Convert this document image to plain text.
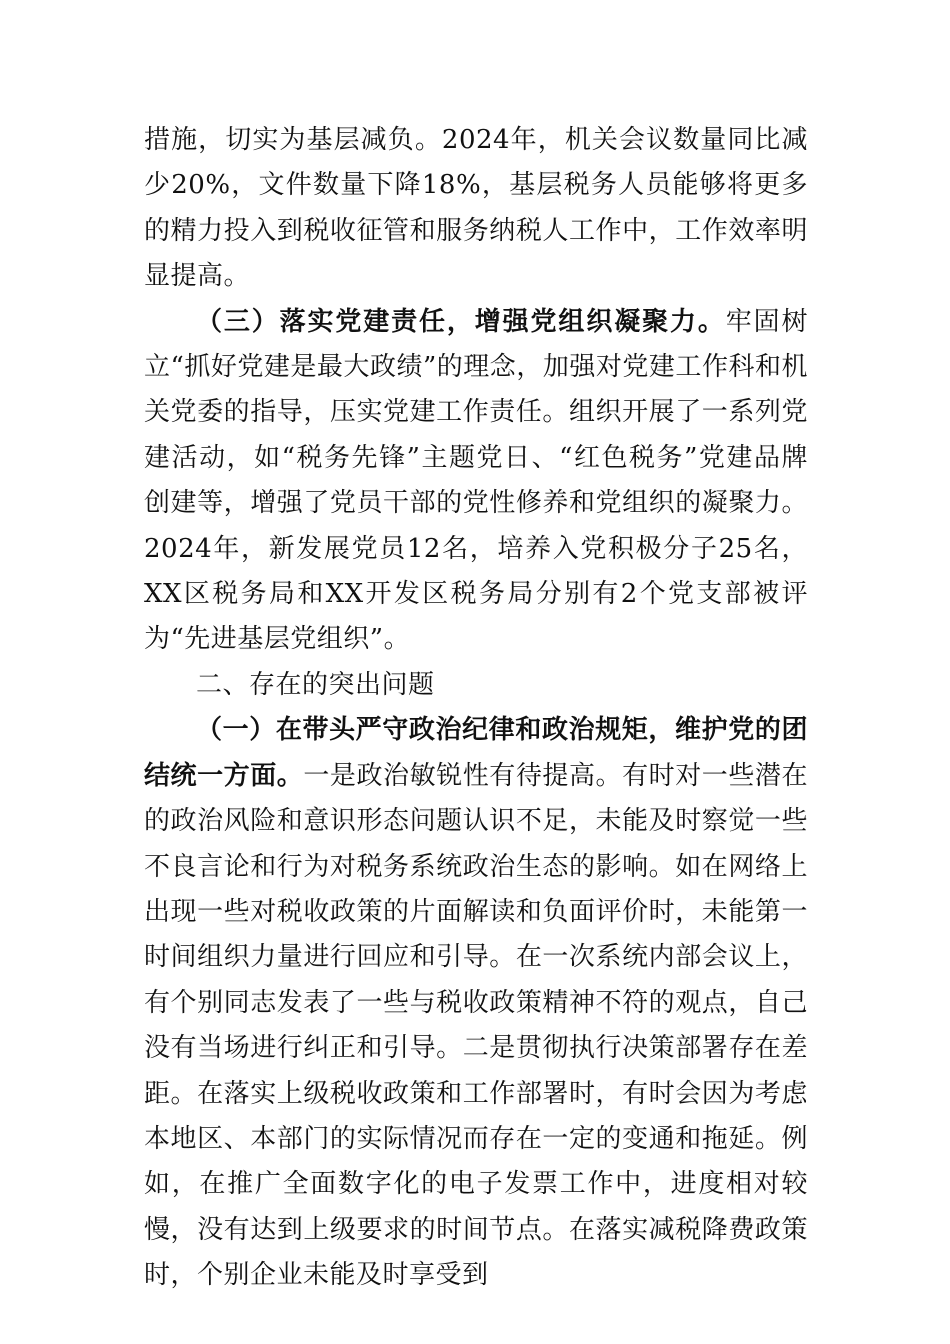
措施，切实为基层减负。2024年，机关会议数量同比减少20%，文件数量下降18%，基层税务人员能够将更多的精力投入到税收征管和服务纳税人工作中，工作效率明显提高。

（三）落实党建责任，增强党组织凝聚力。牢固树立“抓好党建是最大政绩”的理念，加强对党建工作科和机关党委的指导，压实党建工作责任。组织开展了一系列党建活动，如“税务先锋”主题党日、“红色税务”党建品牌创建等，增强了党员干部的党性修养和党组织的凝聚力。2024年，新发展党员12名，培养入党积极分子25名，XX区税务局和XX开发区税务局分别有2个党支部被评为“先进基层党组织”。

二、存在的突出问题

（一）在带头严守政治纪律和政治规矩，维护党的团结统一方面。一是政治敏锐性有待提高。有时对一些潜在的政治风险和意识形态问题认识不足，未能及时察觉一些不良言论和行为对税务系统政治生态的影响。如在网络上出现一些对税收政策的片面解读和负面评价时，未能第一时间组织力量进行回应和引导。在一次系统内部会议上，有个别同志发表了一些与税收政策精神不符的观点，自己没有当场进行纠正和引导。二是贯彻执行决策部署存在差距。在落实上级税收政策和工作部署时，有时会因为考虑本地区、本部门的实际情况而存在一定的变通和拖延。例如，在推广全面数字化的电子发票工作中，进度相对较慢，没有达到上级要求的时间节点。在落实减税降费政策时，个别企业未能及时享受到
